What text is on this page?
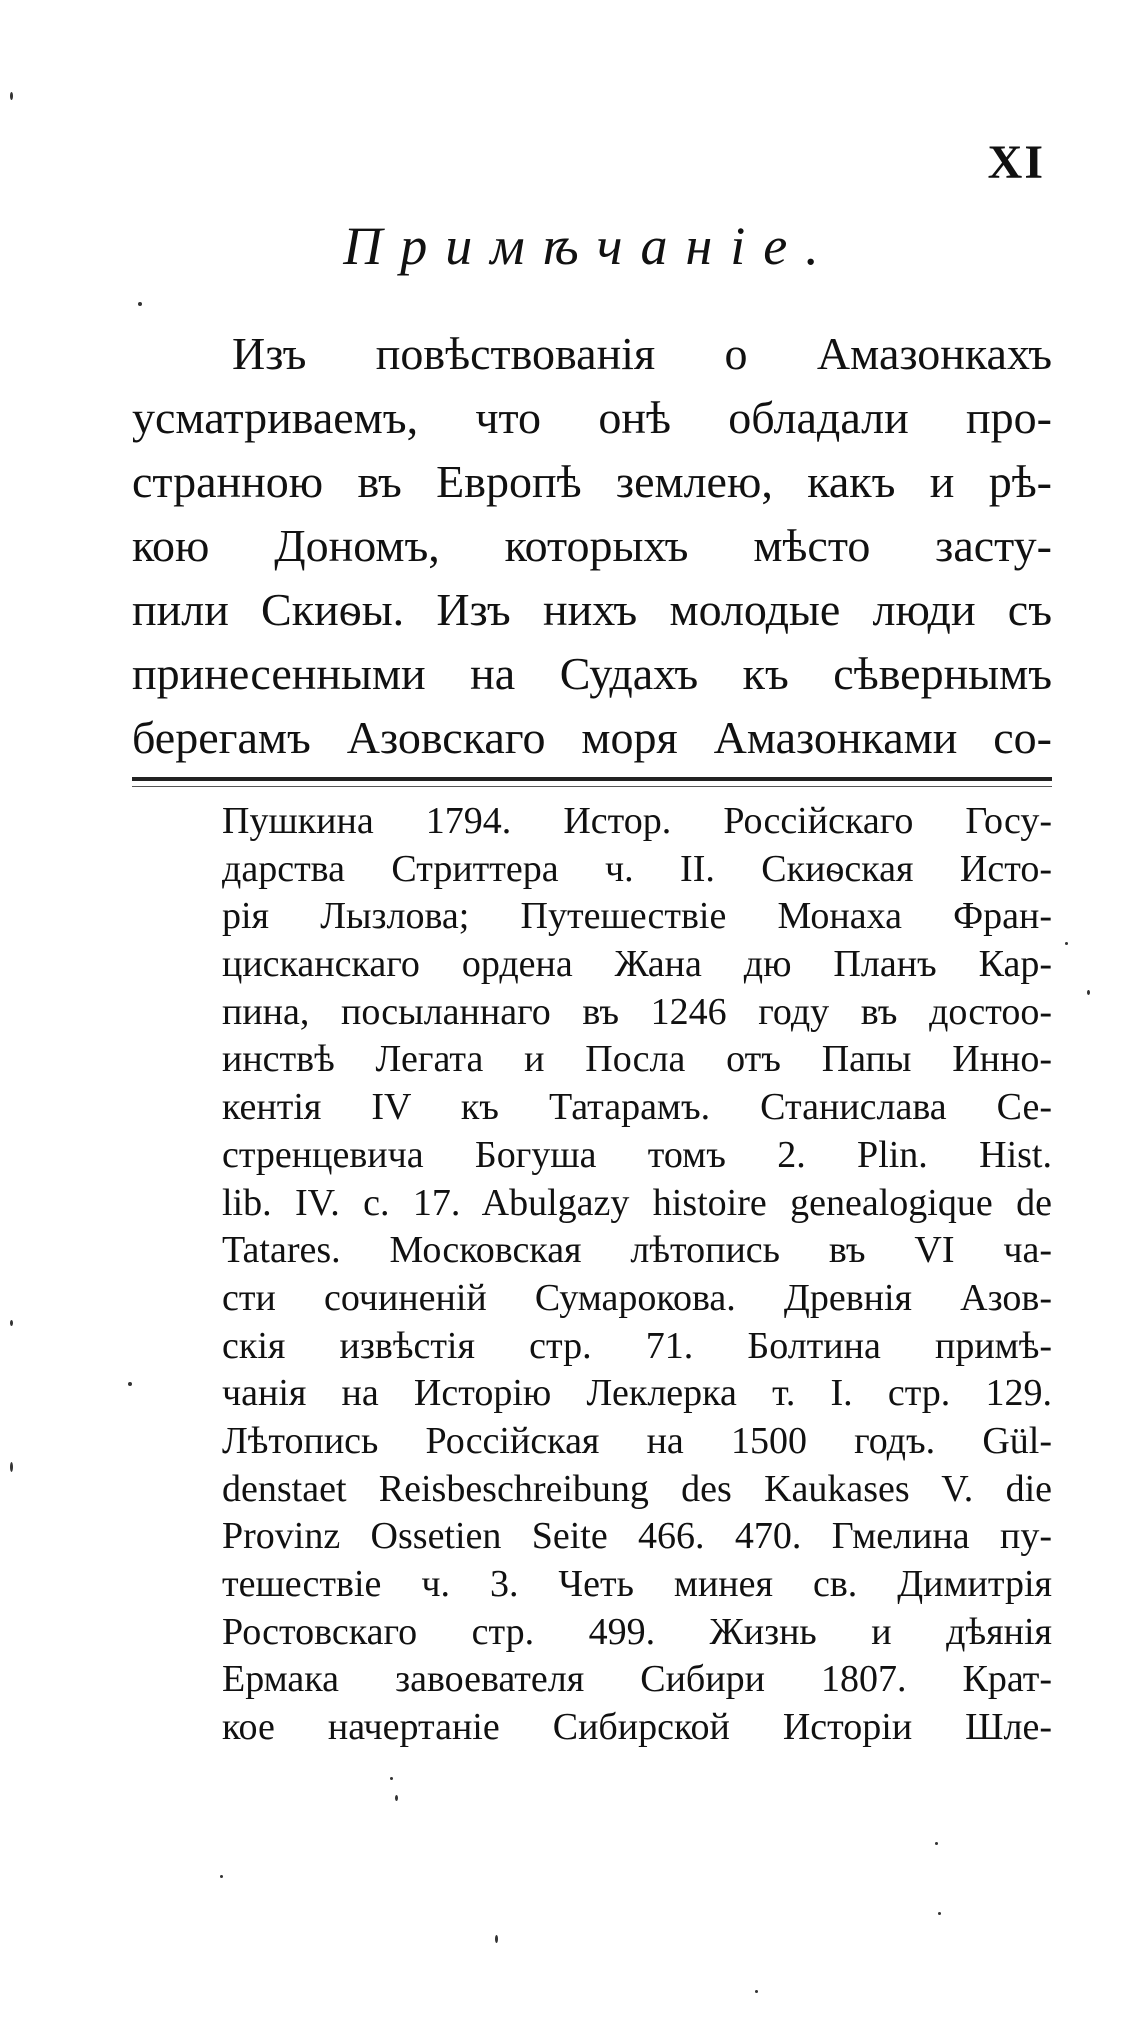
XI
Примѣчаніе.
Изъ повѣствованія о Амазонкахъ
усматриваемъ, что онѣ обладали про-
странною въ Европѣ землею, какъ и рѣ-
кою Дономъ, которыхъ мѣсто засту-
пили Скиѳы. Изъ нихъ молодые люди съ
принесенными на Судахъ къ сѣвернымъ
берегамъ Азовскаго моря Амазонками со-
Пушкина 1794. Истор. Россійскаго Госу-
дарства Стриттера ч. II. Скиѳская Исто-
рія Лызлова; Путешествіе Монаха Фран-
цисканскаго ордена Жана дю Планъ Кар-
пина, посыланнаго въ 1246 году въ достоо-
инствѣ Легата и Посла отъ Папы Инно-
кентія IV къ Татарамъ. Станислава Се-
стренцевича Богуша томъ 2. Plin. Hist.
lib. IV. c. 17. Abulgazy histoire genealogique de
Tatares. Московская лѣтопись въ VI ча-
сти сочиненій Сумарокова. Древнія Азов-
скія извѣстія стр. 71. Болтина примѣ-
чанія на Исторію Леклерка т. I. стр. 129.
Лѣтопись Россійская на 1500 годъ. Gül-
denstaet Reisbeschreibung des Kaukases V. die
Provinz Ossetien Seite 466. 470. Гмелина пу-
тешествіе ч. 3. Четь минея св. Димитрія
Ростовскаго стр. 499. Жизнь и дѣянія
Ермака завоевателя Сибири 1807. Крат-
кое начертаніе Сибирской Исторіи Шле-
